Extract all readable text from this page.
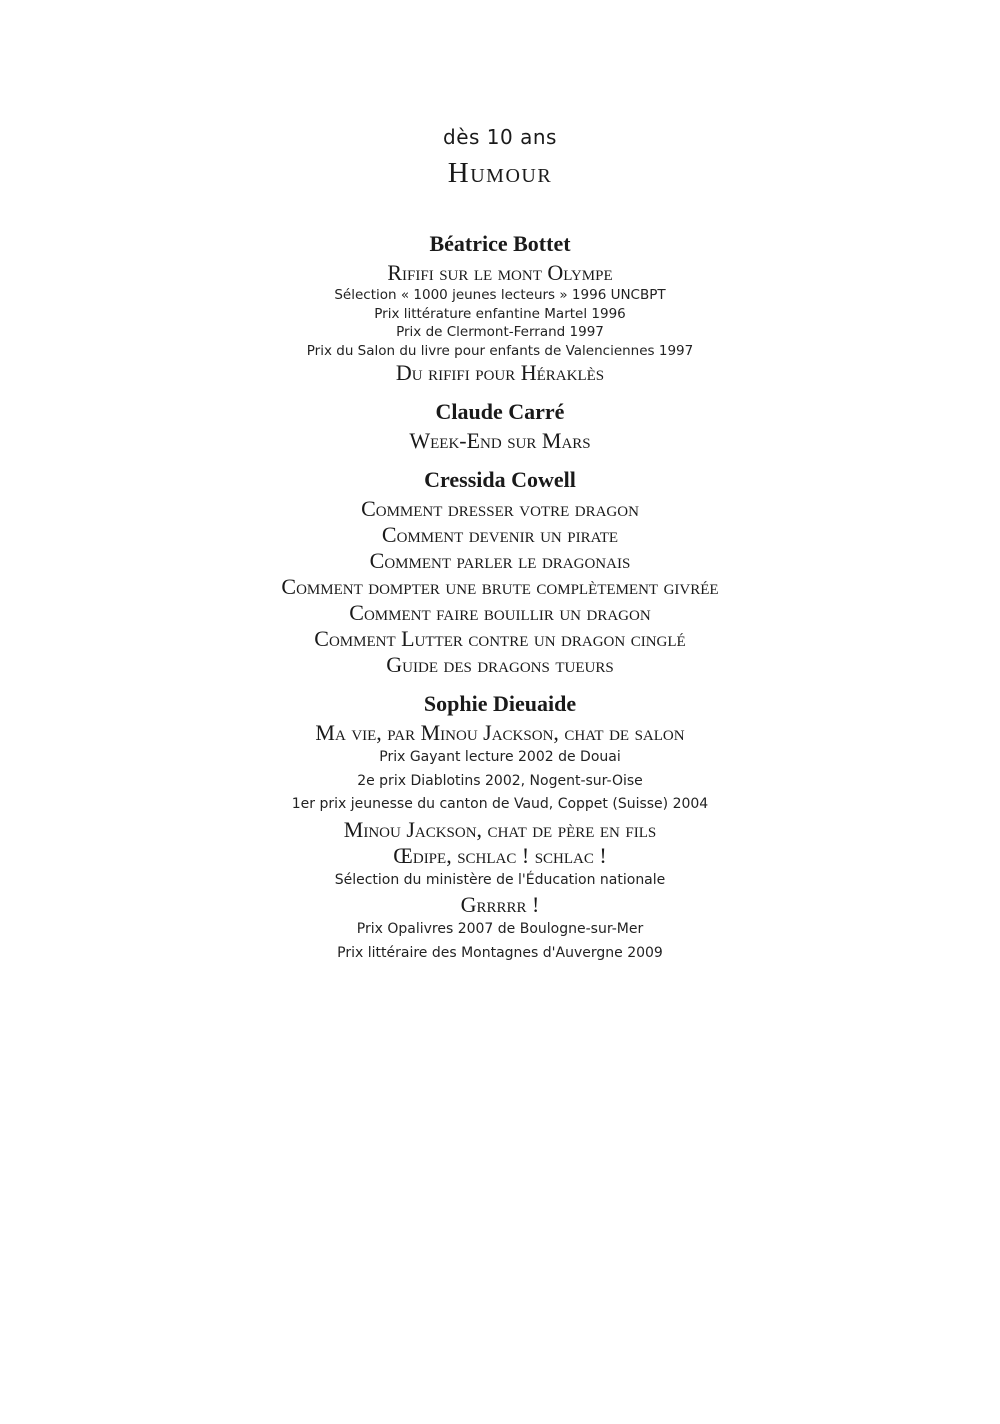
dès 10 ans
Humour

Béatrice Bottet

Rififi sur le mont Olympe

Sélection « 1000 jeunes lecteurs » 1996 UNCBPT

Prix littérature enfantine Martel 1996

Prix de Clermont-Ferrand 1997

Prix du Salon du livre pour enfants de Valenciennes 1997

Du rififi pour Héraklès

Claude Carré

Week-End sur Mars

Cressida Cowell

Comment dresser votre dragon

Comment devenir un pirate

Comment parler le dragonais

Comment dompter une brute complètement givrée

Comment faire bouillir un dragon

Comment Lutter contre un dragon cinglé

Guide des dragons tueurs

Sophie Dieuaide

Ma vie, par Minou Jackson, chat de salon

Prix Gayant lecture 2002 de Douai

2e prix Diablotins 2002, Nogent-sur-Oise

1er prix jeunesse du canton de Vaud, Coppet (Suisse) 2004

Minou Jackson, chat de père en fils

Œdipe, schlac ! schlac !

Sélection du ministère de l'Éducation nationale

Grrrrr !

Prix Opalivres 2007 de Boulogne-sur-Mer

Prix littéraire des Montagnes d'Auvergne 2009
